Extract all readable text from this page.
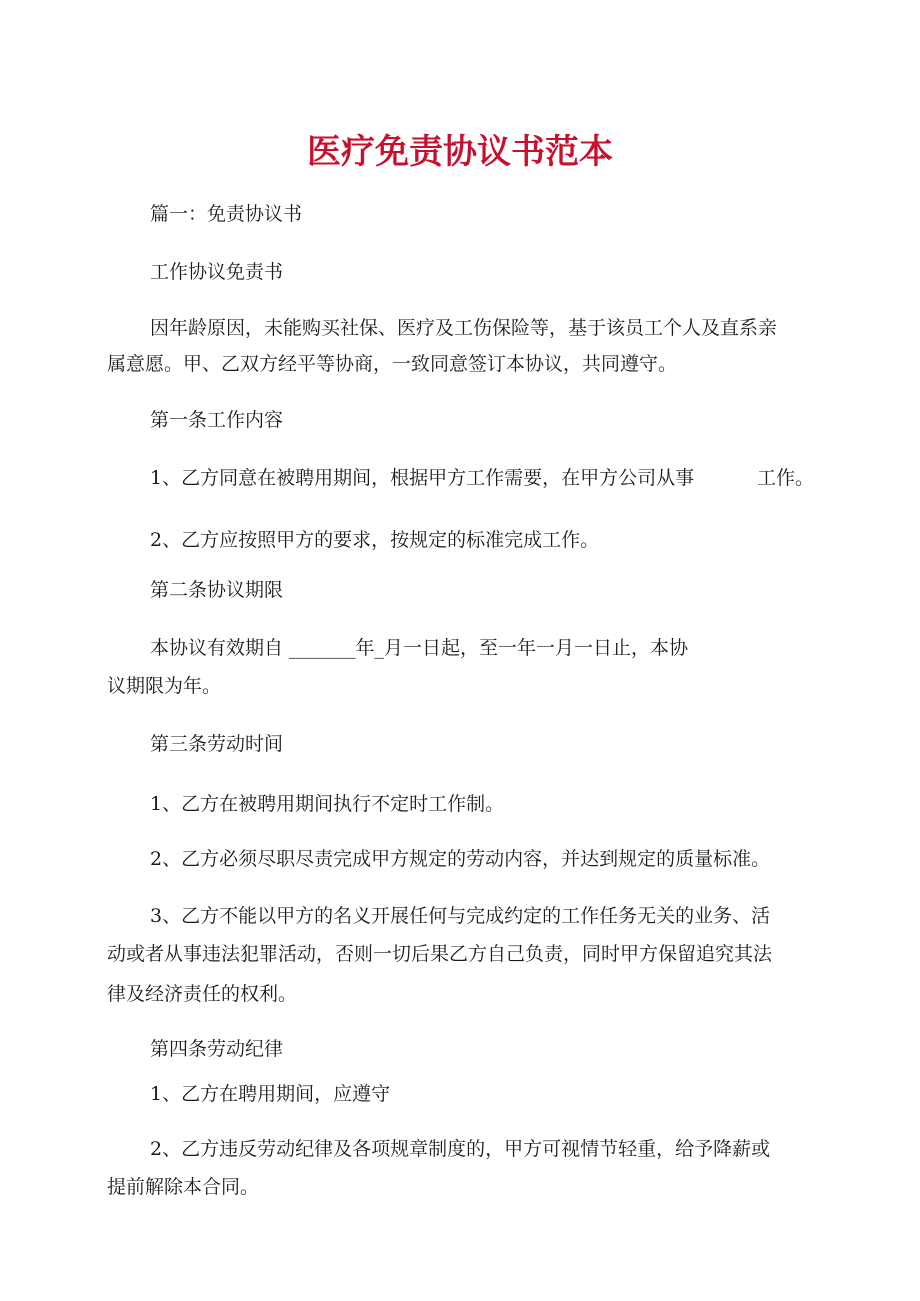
医疗免责协议书范本
篇一：免责协议书
工作协议免责书
因年龄原因，未能购买社保、医疗及工伤保险等，基于该员工个人及直系亲
属意愿。甲、乙双方经平等协商，一致同意签订本协议，共同遵守。
第一条工作内容
1、乙方同意在被聘用期间，根据甲方工作需要，在甲方公司从事	工作。
2、乙方应按照甲方的要求，按规定的标准完成工作。
第二条协议期限
本协议有效期自 _______年_月一日起，至一年一月一日止，本协
议期限为年。
第三条劳动时间
1、乙方在被聘用期间执行不定时工作制。
2、乙方必须尽职尽责完成甲方规定的劳动内容，并达到规定的质量标准。
3、乙方不能以甲方的名义开展任何与完成约定的工作任务无关的业务、活
动或者从事违法犯罪活动，否则一切后果乙方自己负责，同时甲方保留追究其法
律及经济责任的权利。
第四条劳动纪律
1、乙方在聘用期间，应遵守
2、乙方违反劳动纪律及各项规章制度的，甲方可视情节轻重，给予降薪或
提前解除本合同。
